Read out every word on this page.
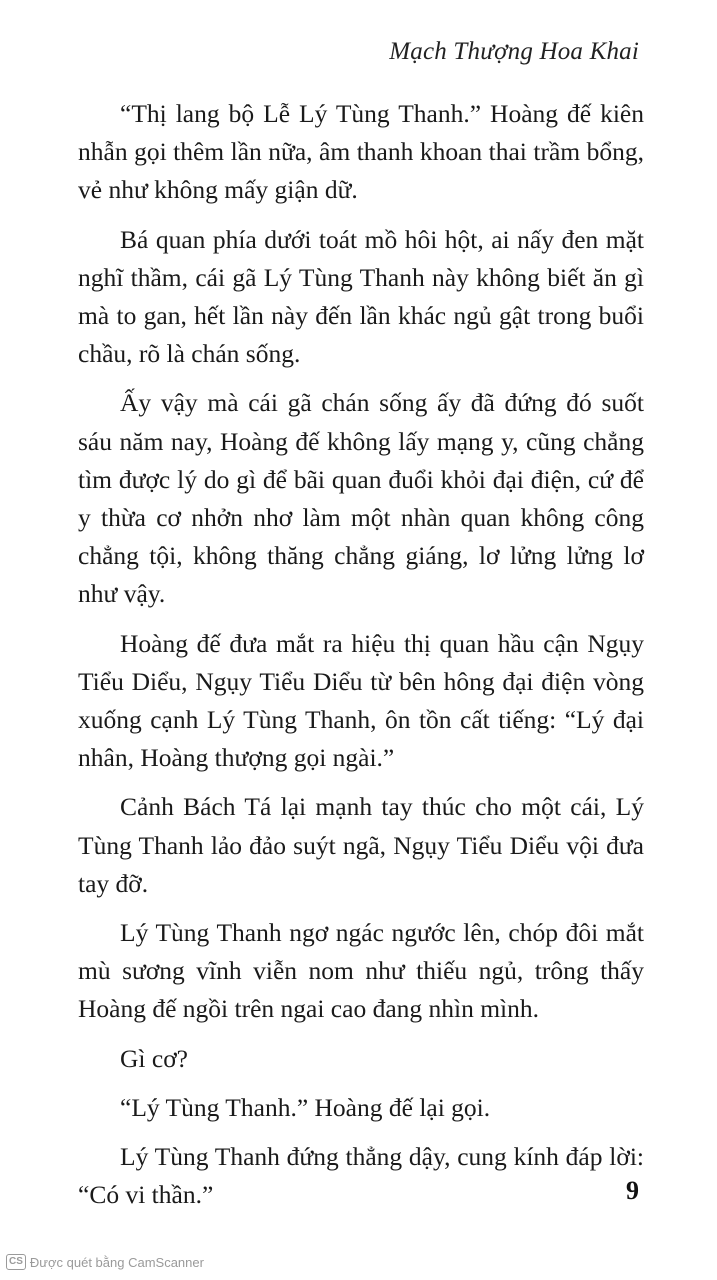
Mạch Thượng Hoa Khai

“Thị lang bộ Lễ Lý Tùng Thanh.” Hoàng đế kiên nhẫn gọi thêm lần nữa, âm thanh khoan thai trầm bổng, vẻ như không mấy giận dữ.

Bá quan phía dưới toát mồ hôi hột, ai nấy đen mặt nghĩ thầm, cái gã Lý Tùng Thanh này không biết ăn gì mà to gan, hết lần này đến lần khác ngủ gật trong buổi chầu, rõ là chán sống.

Ấy vậy mà cái gã chán sống ấy đã đứng đó suốt sáu năm nay, Hoàng đế không lấy mạng y, cũng chẳng tìm được lý do gì để bãi quan đuổi khỏi đại điện, cứ để y thừa cơ nhởn nhơ làm một nhàn quan không công chẳng tội, không thăng chẳng giáng, lơ lửng lửng lơ như vậy.

Hoàng đế đưa mắt ra hiệu thị quan hầu cận Ngụy Tiểu Diểu, Ngụy Tiểu Diểu từ bên hông đại điện vòng xuống cạnh Lý Tùng Thanh, ôn tồn cất tiếng: “Lý đại nhân, Hoàng thượng gọi ngài.”

Cảnh Bách Tá lại mạnh tay thúc cho một cái, Lý Tùng Thanh lảo đảo suýt ngã, Ngụy Tiểu Diểu vội đưa tay đỡ.

Lý Tùng Thanh ngơ ngác ngước lên, chóp đôi mắt mù sương vĩnh viễn nom như thiếu ngủ, trông thấy Hoàng đế ngồi trên ngai cao đang nhìn mình.

Gì cơ?

“Lý Tùng Thanh.” Hoàng đế lại gọi.

Lý Tùng Thanh đứng thẳng dậy, cung kính đáp lời: “Có vi thần.”	9
CS Được quét bằng CamScanner
